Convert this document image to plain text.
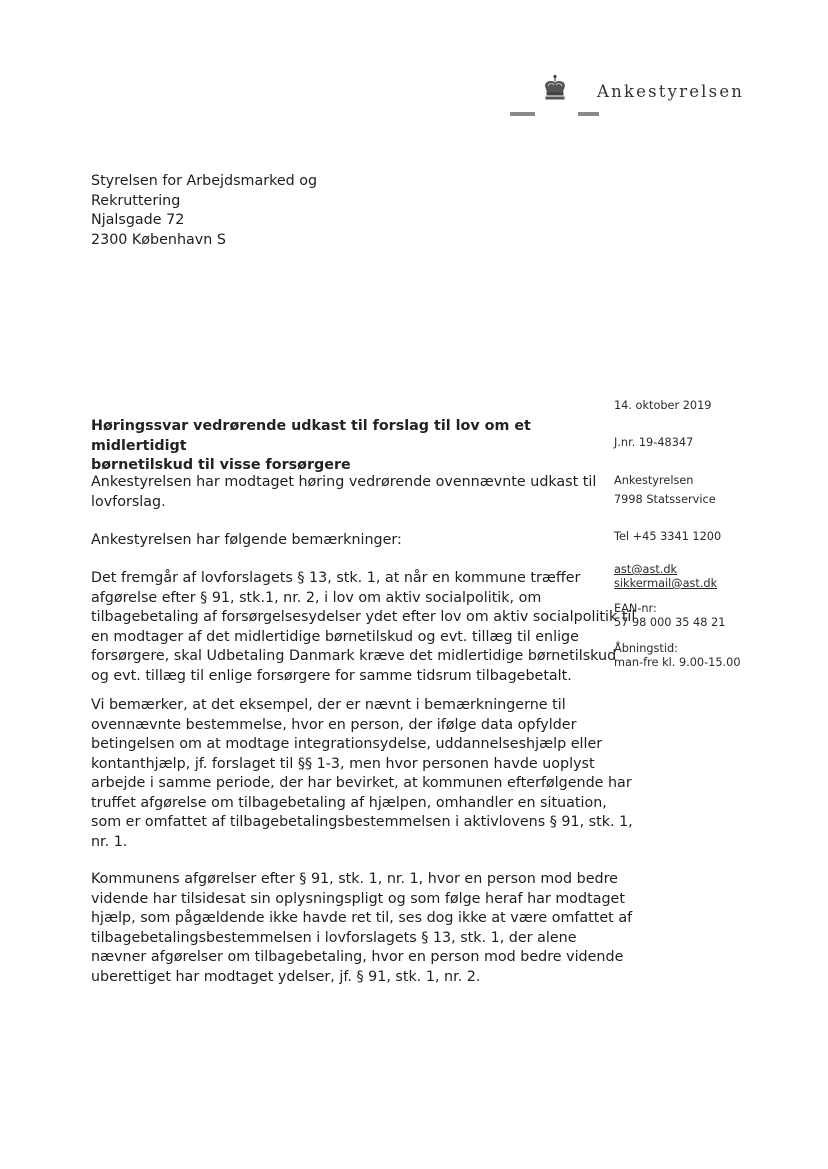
Ankestyrelsen
Styrelsen for Arbejdsmarked og
Rekruttering
Njalsgade 72
2300 København S
14. oktober 2019
J.nr. 19-48347
Ankestyrelsen
7998 Statsservice
Tel +45 3341 1200
ast@ast.dk
sikkermail@ast.dk
EAN-nr:
57 98 000 35 48 21
Åbningstid:
man-fre kl. 9.00-15.00
Høringssvar vedrørende udkast til forslag til lov om et midlertidigt
børnetilskud til visse forsørgere
Ankestyrelsen har modtaget høring vedrørende ovennævnte udkast til
lovforslag.
Ankestyrelsen har følgende bemærkninger:
Det fremgår af lovforslagets § 13, stk. 1, at når en kommune træffer
afgørelse efter § 91, stk.1, nr. 2, i lov om aktiv socialpolitik, om
tilbagebetaling af forsørgelsesydelser ydet efter lov om aktiv socialpolitik til
en modtager af det midlertidige børnetilskud og evt. tillæg til enlige
forsørgere, skal Udbetaling Danmark kræve det midlertidige børnetilskud
og evt. tillæg til enlige forsørgere for samme tidsrum tilbagebetalt.
Vi bemærker, at det eksempel, der er nævnt i bemærkningerne til
ovennævnte bestemmelse, hvor en person, der ifølge data opfylder
betingelsen om at modtage integrationsydelse, uddannelseshjælp eller
kontanthjælp, jf. forslaget til §§ 1-3, men hvor personen havde uoplyst
arbejde i samme periode, der har bevirket, at kommunen efterfølgende har
truffet afgørelse om tilbagebetaling af hjælpen, omhandler en situation,
som er omfattet af tilbagebetalingsbestemmelsen i aktivlovens § 91, stk. 1,
nr. 1.
Kommunens afgørelser efter § 91, stk. 1, nr. 1, hvor en person mod bedre
vidende har tilsidesat sin oplysningspligt og som følge heraf har modtaget
hjælp, som pågældende ikke havde ret til, ses dog ikke at være omfattet af
tilbagebetalingsbestemmelsen i lovforslagets § 13, stk. 1, der alene
nævner afgørelser om tilbagebetaling, hvor en person mod bedre vidende
uberettiget har modtaget ydelser, jf. § 91, stk. 1, nr. 2.
